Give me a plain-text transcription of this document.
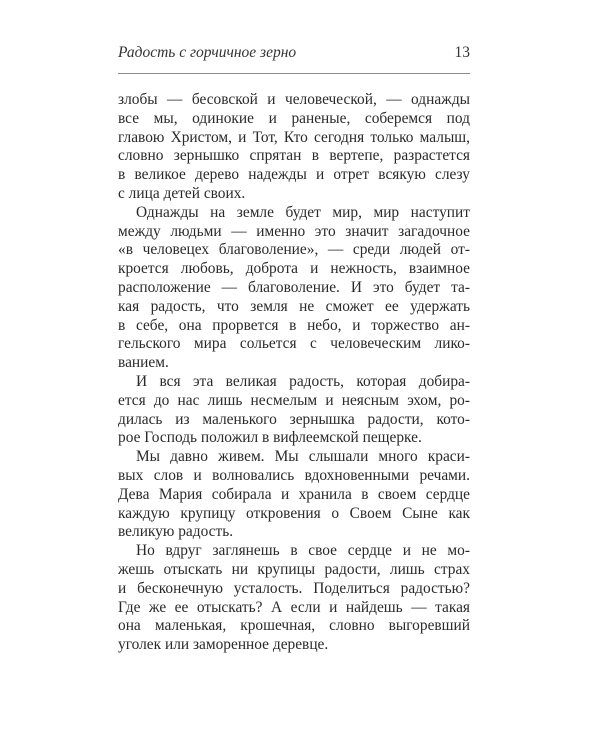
Радость с горчичное зерно	13
злобы — бесовской и человеческой, — однажды
все мы, одинокие и раненые, соберемся под
главою Христом, и Тот, Кто сегодня только малыш,
словно зернышко спрятан в вертепе, разрастется
в великое дерево надежды и отрет всякую слезу
с лица детей своих.
Однажды на земле будет мир, мир наступит
между людьми — именно это значит загадочное
«в человецех благоволение», — среди людей от-
кроется любовь, доброта и нежность, взаимное
расположение — благоволение. И это будет та-
кая радость, что земля не сможет ее удержать
в себе, она прорвется в небо, и торжество ан-
гельского мира сольется с человеческим лико-
ванием.
И вся эта великая радость, которая добира-
ется до нас лишь несмелым и неясным эхом, ро-
дилась из маленького зернышка радости, кото-
рое Господь положил в вифлеемской пещерке.
Мы давно живем. Мы слышали много краси-
вых слов и волновались вдохновенными речами.
Дева Мария собирала и хранила в своем сердце
каждую крупицу откровения о Своем Сыне как
великую радость.
Но вдруг заглянешь в свое сердце и не мо-
жешь отыскать ни крупицы радости, лишь страх
и бесконечную усталость. Поделиться радостью?
Где же ее отыскать? А если и найдешь — такая
она маленькая, крошечная, словно выгоревший
уголек или заморенное деревце.
